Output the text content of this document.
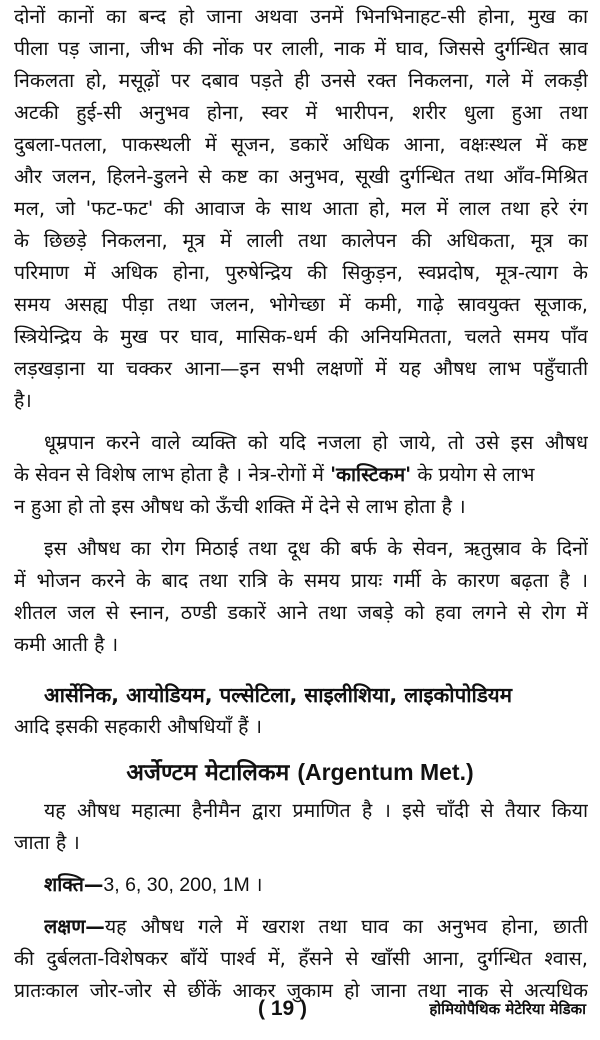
दोनों कानों का बन्द हो जाना अथवा उनमें भिनभिनाहट-सी होना, मुख का
पीला पड़ जाना, जीभ की नोंक पर लाली, नाक में घाव, जिससे दुर्गन्धित स्राव
निकलता हो, मसूढ़ों पर दबाव पड़ते ही उनसे रक्त निकलना, गले में लकड़ी
अटकी हुई-सी अनुभव होना, स्वर में भारीपन, शरीर धुला हुआ तथा
दुबला-पतला, पाकस्थली में सूजन, डकारें अधिक आना, वक्षःस्थल में कष्ट
और जलन, हिलने-डुलने से कष्ट का अनुभव, सूखी दुर्गन्धित तथा आँव-मिश्रित
मल, जो 'फट-फट' की आवाज के साथ आता हो, मल में लाल तथा हरे रंग
के छिछड़े निकलना, मूत्र में लाली तथा कालेपन की अधिकता, मूत्र का
परिमाण में अधिक होना, पुरुषेन्द्रिय की सिकुड़न, स्वप्नदोष, मूत्र-त्याग के
समय असह्य पीड़ा तथा जलन, भोगेच्छा में कमी, गाढ़े स्रावयुक्त सूजाक,
स्त्रियेन्द्रिय के मुख पर घाव, मासिक-धर्म की अनियमितता, चलते समय पाँव
लड़खड़ाना या चक्कर आना—इन सभी लक्षणों में यह औषध लाभ पहुँचाती
है।
धूम्रपान करने वाले व्यक्ति को यदि नजला हो जाये, तो उसे इस औषध
के सेवन से विशेष लाभ होता है । नेत्र-रोगों में 'कास्टिकम' के प्रयोग से लाभ
न हुआ हो तो इस औषध को ऊँची शक्ति में देने से लाभ होता है ।
इस औषध का रोग मिठाई तथा दूध की बर्फ के सेवन, ऋतुस्राव के दिनों
में भोजन करने के बाद तथा रात्रि के समय प्रायः गर्मी के कारण बढ़ता है ।
शीतल जल से स्नान, ठण्डी डकारें आने तथा जबड़े को हवा लगने से रोग में
कमी आती है ।
आर्सेनिक, आयोडियम, पल्सेटिला, साइलीशिया, लाइकोपोडियम
आदि इसकी सहकारी औषधियाँ हैं ।
अर्जेण्टम मेटालिकम (Argentum Met.)
यह औषध महात्मा हैनीमैन द्वारा प्रमाणित है । इसे चाँदी से तैयार किया
जाता है ।
शक्ति—3, 6, 30, 200, 1M ।
लक्षण—यह औषध गले में खराश तथा घाव का अनुभव होना, छाती
की दुर्बलता-विशेषकर बाँयें पार्श्व में, हँसने से खाँसी आना, दुर्गन्धित श्वास,
प्रातःकाल जोर-जोर से छींकें आकर जुकाम हो जाना तथा नाक से अत्यधिक
( 19 )	होमियोपैथिक मेटेरिया मेडिका
